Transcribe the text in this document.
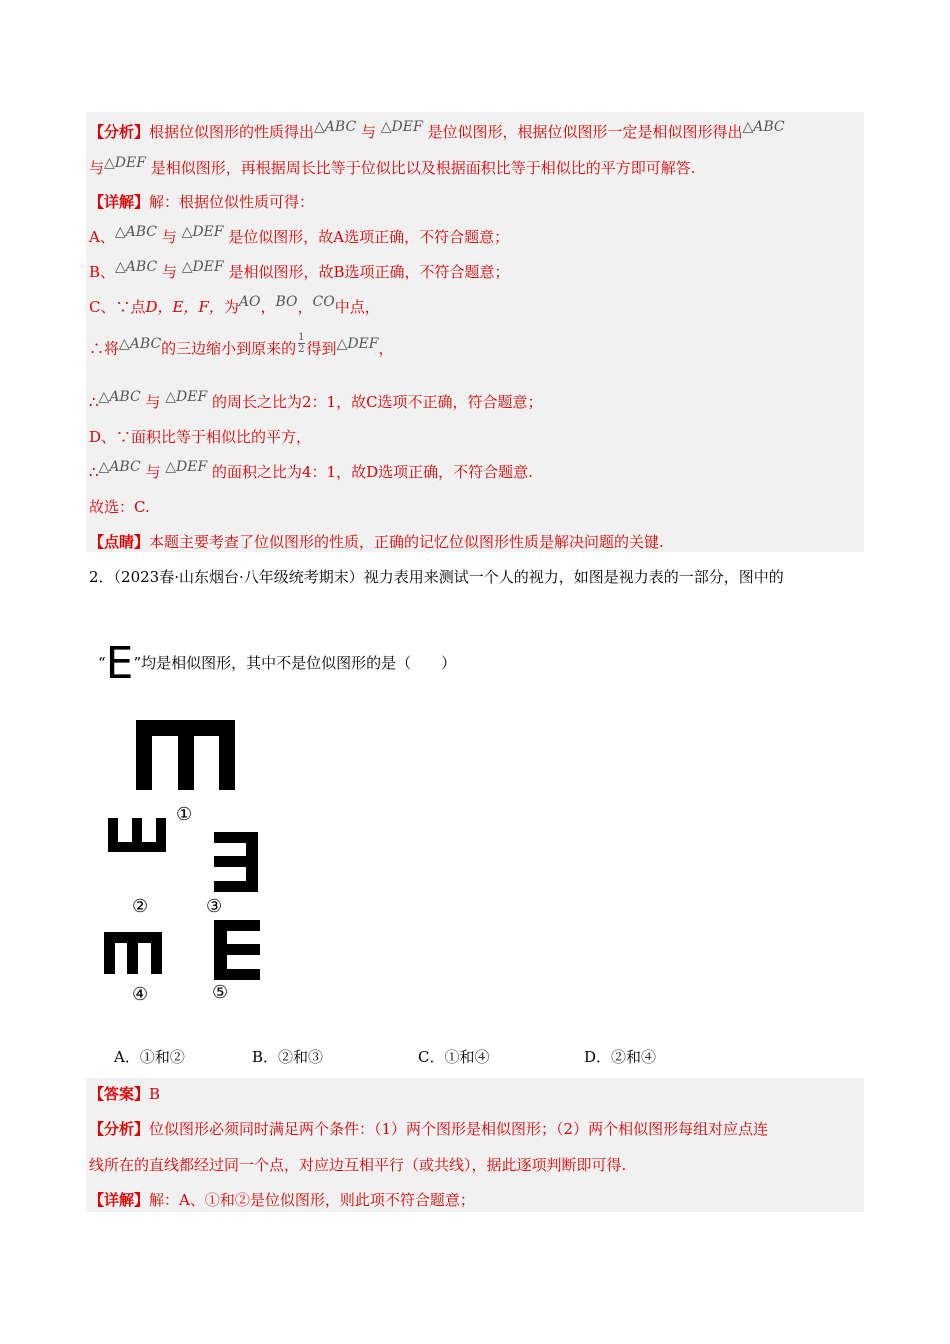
【分析】根据位似图形的性质得出△ABC 与 △DEF 是位似图形，根据位似图形一定是相似图形得出△ABC
与△DEF 是相似图形，再根据周长比等于位似比以及根据面积比等于相似比的平方即可解答.
【详解】解：根据位似性质可得：
A、△ABC 与 △DEF 是位似图形，故A选项正确，不符合题意；
B、△ABC 与 △DEF 是相似图形，故B选项正确，不符合题意；
C、∵点D，E，F，为AO，BO，CO中点，
∴将△ABC的三边缩小到原来的 $\frac{1}{2}$ 得到△DEF，
∴△ABC 与 △DEF 的周长之比为2：1，故C选项不正确，符合题意；
D、∵面积比等于相似比的平方，
∴△ABC 与 △DEF 的面积之比为4：1，故D选项正确，不符合题意.
故选：C.
【点睛】本题主要考查了位似图形的性质，正确的记忆位似图形性质是解决问题的关键.
2．（2023春·山东烟台·八年级统考期末）视力表用来测试一个人的视力，如图是视力表的一部分，图中的
“E”均是相似图形，其中不是位似图形的是（　　）
①
②	③
④	⑤
A．①和②	B．②和③	C．①和④	D．②和④
【答案】B
【分析】位似图形必须同时满足两个条件：（1）两个图形是相似图形；（2）两个相似图形每组对应点连
线所在的直线都经过同一个点，对应边互相平行（或共线），据此逐项判断即可得.
【详解】解：A、①和②是位似图形，则此项不符合题意；
